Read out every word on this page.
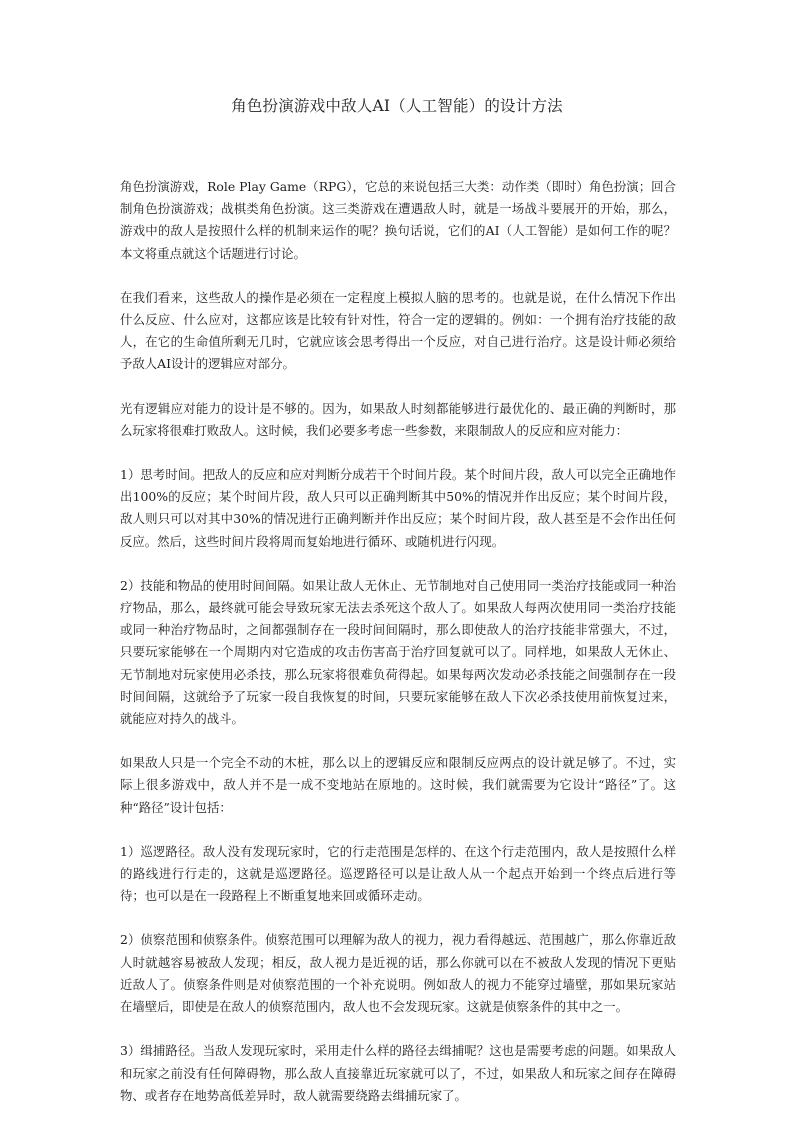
角色扮演游戏中敌人AI（人工智能）的设计方法

角色扮演游戏，Role Play Game（RPG），它总的来说包括三大类：动作类（即时）角色扮演；回合制角色扮演游戏；战棋类角色扮演。这三类游戏在遭遇敌人时，就是一场战斗要展开的开始，那么，游戏中的敌人是按照什么样的机制来运作的呢？换句话说，它们的AI（人工智能）是如何工作的呢？本文将重点就这个话题进行讨论。

在我们看来，这些敌人的操作是必须在一定程度上模拟人脑的思考的。也就是说，在什么情况下作出什么反应、什么应对，这都应该是比较有针对性，符合一定的逻辑的。例如：一个拥有治疗技能的敌人，在它的生命值所剩无几时，它就应该会思考得出一个反应，对自己进行治疗。这是设计师必须给予敌人AI设计的逻辑应对部分。

光有逻辑应对能力的设计是不够的。因为，如果敌人时刻都能够进行最优化的、最正确的判断时，那么玩家将很难打败敌人。这时候，我们必要多考虑一些参数，来限制敌人的反应和应对能力：

1）思考时间。把敌人的反应和应对判断分成若干个时间片段。某个时间片段，敌人可以完全正确地作出100%的反应；某个时间片段，敌人只可以正确判断其中50%的情况并作出反应；某个时间片段，敌人则只可以对其中30%的情况进行正确判断并作出反应；某个时间片段，敌人甚至是不会作出任何反应。然后，这些时间片段将周而复始地进行循环、或随机进行闪现。

2）技能和物品的使用时间间隔。如果让敌人无休止、无节制地对自己使用同一类治疗技能或同一种治疗物品，那么，最终就可能会导致玩家无法去杀死这个敌人了。如果敌人每两次使用同一类治疗技能或同一种治疗物品时，之间都强制存在一段时间间隔时，那么即使敌人的治疗技能非常强大，不过，只要玩家能够在一个周期内对它造成的攻击伤害高于治疗回复就可以了。同样地，如果敌人无休止、无节制地对玩家使用必杀技，那么玩家将很难负荷得起。如果每两次发动必杀技能之间强制存在一段时间间隔，这就给予了玩家一段自我恢复的时间，只要玩家能够在敌人下次必杀技使用前恢复过来，就能应对持久的战斗。

如果敌人只是一个完全不动的木桩，那么以上的逻辑反应和限制反应两点的设计就足够了。不过，实际上很多游戏中，敌人并不是一成不变地站在原地的。这时候，我们就需要为它设计“路径”了。这种“路径”设计包括：

1）巡逻路径。敌人没有发现玩家时，它的行走范围是怎样的、在这个行走范围内，敌人是按照什么样的路线进行行走的，这就是巡逻路径。巡逻路径可以是让敌人从一个起点开始到一个终点后进行等待；也可以是在一段路程上不断重复地来回或循环走动。

2）侦察范围和侦察条件。侦察范围可以理解为敌人的视力，视力看得越远、范围越广，那么你靠近敌人时就越容易被敌人发现；相反，敌人视力是近视的话，那么你就可以在不被敌人发现的情况下更贴近敌人了。侦察条件则是对侦察范围的一个补充说明。例如敌人的视力不能穿过墙壁，那如果玩家站在墙壁后，即使是在敌人的侦察范围内，敌人也不会发现玩家。这就是侦察条件的其中之一。

3）缉捕路径。当敌人发现玩家时，采用走什么样的路径去缉捕呢？这也是需要考虑的问题。如果敌人和玩家之前没有任何障碍物，那么敌人直接靠近玩家就可以了，不过，如果敌人和玩家之间存在障碍物、或者存在地势高低差异时，敌人就需要绕路去缉捕玩家了。
